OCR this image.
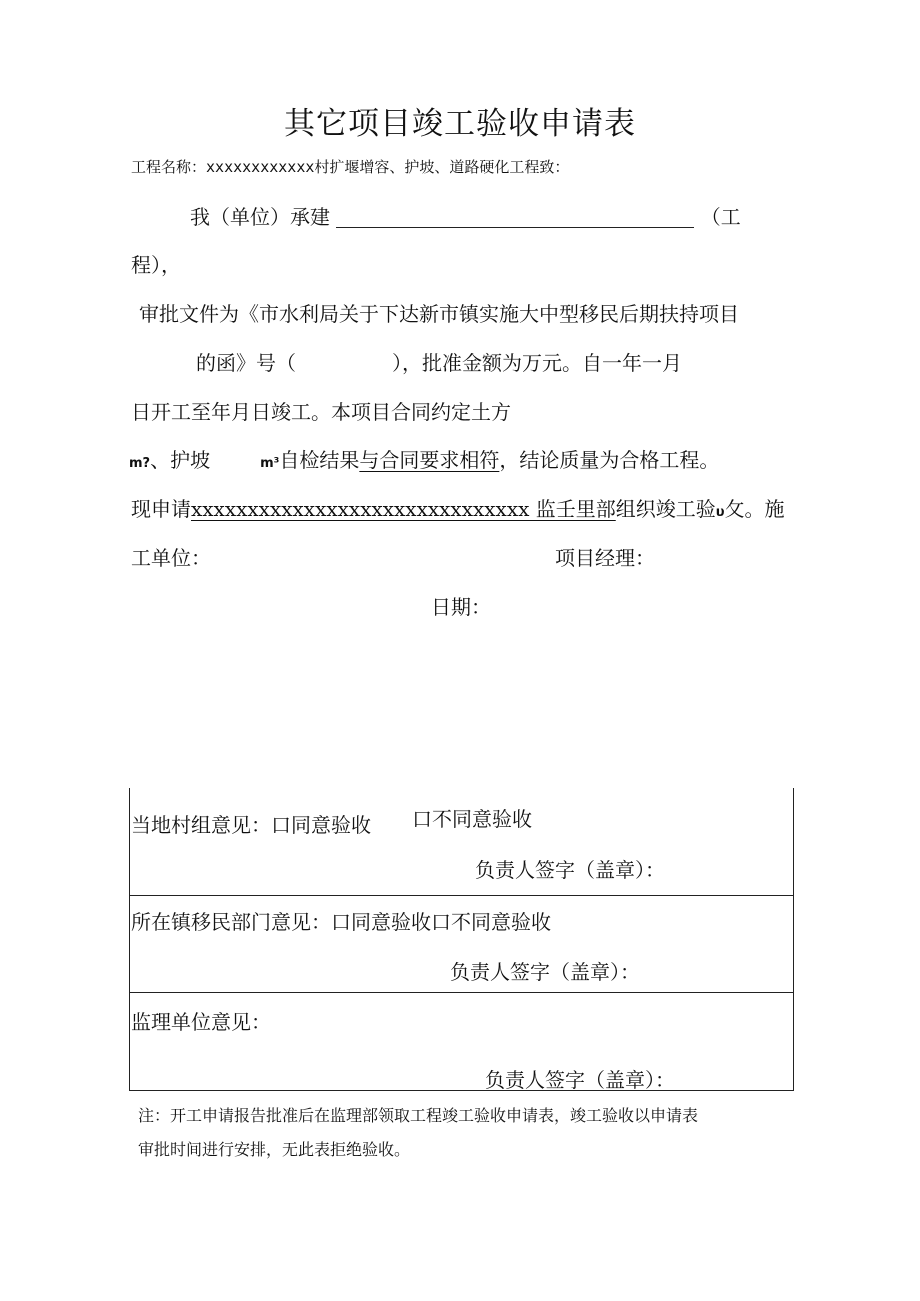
其它项目竣工验收申请表
工程名称：xxxxxxxxxxxx村扩堰增容、护坡、道路硬化工程致：
我（单位）承建	（工
程），
审批文件为《市水利局关于下达新市镇实施大中型移民后期扶持项目
的函》号（	），批准金额为万元。自一年一月
日开工至年月日竣工。本项目合同约定土方
m?、护坡	m³自检结果与合同要求相符，结论质量为合格工程。
现申请xxxxxxxxxxxxxxxxxxxxxxxxxxxxxx 监壬里部组织竣工验υ攵。施
工单位：	项目经理：
日期：
当地村组意见：口同意验收 口不同意验收
负责人签字（盖章）：
所在镇移民部门意见：口同意验收口不同意验收
负责人签字（盖章）：
监理单位意见：
负责人签字（盖章）：
注：开工申请报告批准后在监理部领取工程竣工验收申请表，竣工验收以申请表
审批时间进行安排，无此表拒绝验收。
